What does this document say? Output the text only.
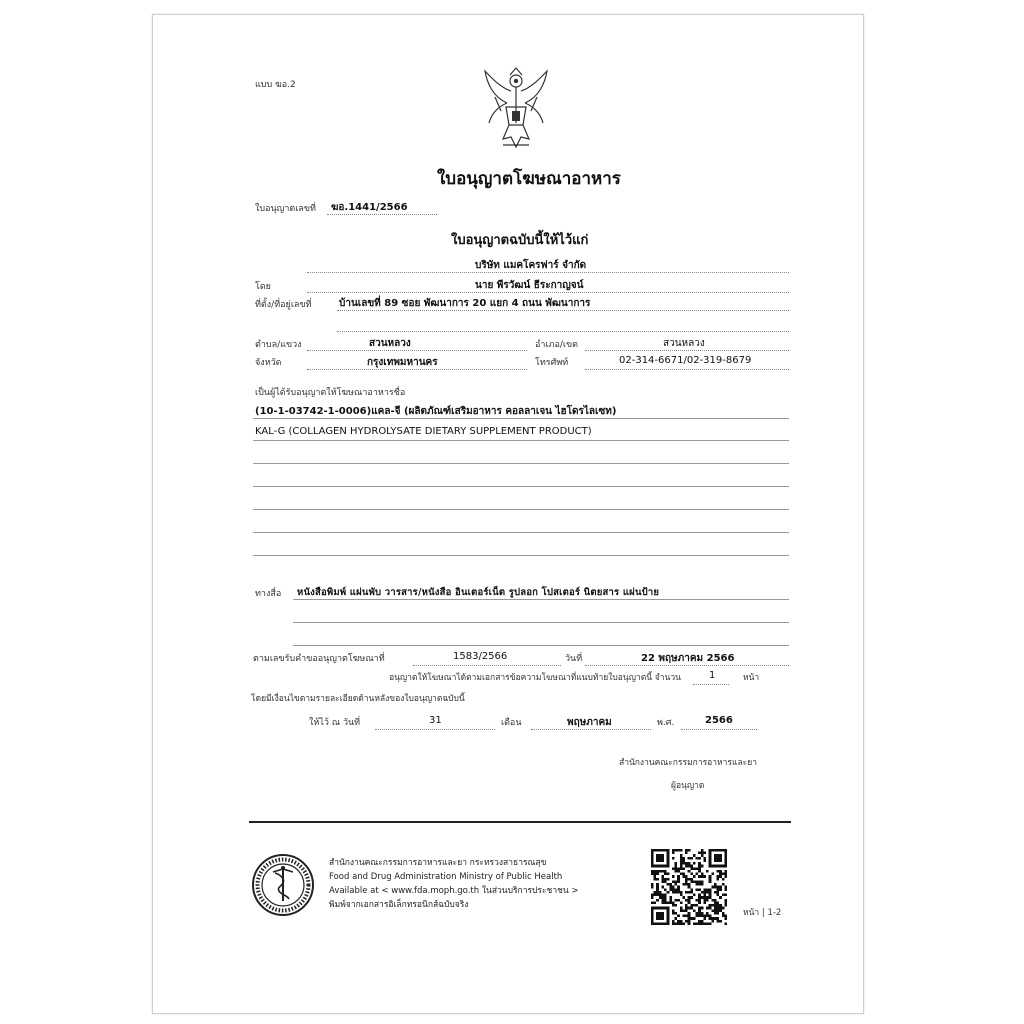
แบบ ฆอ.2
ใบอนุญาตโฆษณาอาหาร
ใบอนุญาตเลขที่ ฆอ.1441/2566
ใบอนุญาตฉบับนี้ให้ไว้แก่
บริษัท แมคโครฟาร์ จำกัด
โดย	นาย พีรวัฒน์ ธีระกาญจน์
ที่ตั้ง/ที่อยู่เลขที่	บ้านเลขที่ 89 ซอย พัฒนาการ 20 แยก 4 ถนน พัฒนาการ
ตำบล/แขวง	สวนหลวง	อำเภอ/เขต	สวนหลวง
จังหวัด	กรุงเทพมหานคร	โทรศัพท์	02-314-6671/02-319-8679
เป็นผู้ได้รับอนุญาตให้โฆษณาอาหารชื่อ
(10-1-03742-1-0006)แคล-จี (ผลิตภัณฑ์เสริมอาหาร คอลลาเจน ไฮโดรไลเซท)
KAL-G (COLLAGEN HYDROLYSATE DIETARY SUPPLEMENT PRODUCT)
ทางสื่อ หนังสือพิมพ์ แผ่นพับ วารสาร/หนังสือ อินเตอร์เน็ต รูปลอก โปสเตอร์ นิตยสาร แผ่นป้าย
ตามเลขรับคำขออนุญาตโฆษณาที่	1583/2566	วันที่	22 พฤษภาคม 2566
อนุญาตให้โฆษณาได้ตามเอกสารข้อความโฆษณาที่แนบท้ายใบอนุญาตนี้ จำนวน	1	หน้า
โดยมีเงื่อนไขตามรายละเอียดด้านหลังของใบอนุญาตฉบับนี้
ให้ไว้ ณ วันที่	31	เดือน	พฤษภาคม	พ.ศ.	2566
สำนักงานคณะกรรมการอาหารและยา
ผู้อนุญาต
สำนักงานคณะกรรมการอาหารและยา กระทรวงสาธารณสุข
Food and Drug Administration Ministry of Public Health
Available at < www.fda.moph.go.th ในส่วนบริการประชาชน >
พิมพ์จากเอกสารอิเล็กทรอนิกส์ฉบับจริง
หน้า | 1-2
